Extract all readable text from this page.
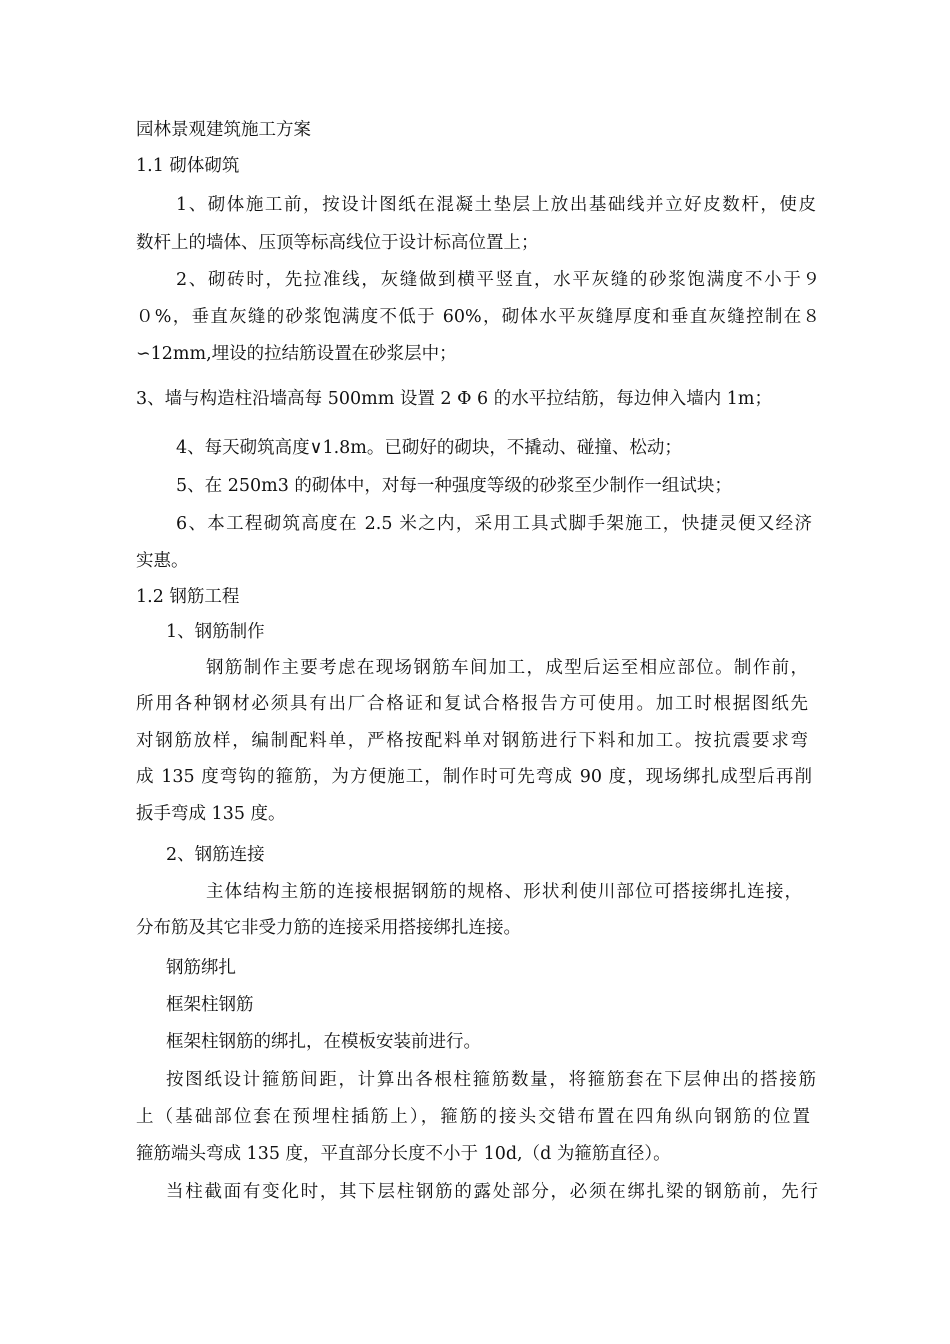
园林景观建筑施工方案

1.1 砌体砌筑

1、砌体施工前，按设计图纸在混凝土垫层上放出基础线并立好皮数杆，使皮

数杆上的墙体、压顶等标高线位于设计标高位置上；

2、砌砖时，先拉准线，灰缝做到横平竖直，水平灰缝的砂浆饱满度不小于９

０%，垂直灰缝的砂浆饱满度不低于 60%，砌体水平灰缝厚度和垂直灰缝控制在８

∽12mm,埋设的拉结筋设置在砂浆层中；

3、墙与构造柱沿墙高每 500mm 设置 2 Φ 6 的水平拉结筋，每边伸入墙内 1m；

4、每天砌筑高度∨1.8m。已砌好的砌块，不撬动、碰撞、松动；

5、在 250m3 的砌体中，对每一种强度等级的砂浆至少制作一组试块；

6、本工程砌筑高度在 2.5 米之内，采用工具式脚手架施工，快捷灵便又经济

实惠。

1.2 钢筋工程

1、钢筋制作

钢筋制作主要考虑在现场钢筋车间加工，成型后运至相应部位。制作前，

所用各种钢材必须具有出厂合格证和复试合格报告方可使用。加工时根据图纸先

对钢筋放样，编制配料单，严格按配料单对钢筋进行下料和加工。按抗震要求弯

成 135 度弯钩的箍筋，为方便施工，制作时可先弯成 90 度，现场绑扎成型后再削

扳手弯成 135 度。

2、钢筋连接

主体结构主筋的连接根据钢筋的规格、形状利使川部位可搭接绑扎连接，

分布筋及其它非受力筋的连接采用搭接绑扎连接。

钢筋绑扎

框架柱钢筋

框架柱钢筋的绑扎，在模板安装前进行。

按图纸设计箍筋间距，计算出各根柱箍筋数量，将箍筋套在下层伸出的搭接筋

上（基础部位套在预埋柱插筋上），箍筋的接头交错布置在四角纵向钢筋的位置

箍筋端头弯成 135 度，平直部分长度不小于 10d,（d 为箍筋直径）。

当柱截面有变化时，其下层柱钢筋的露处部分，必须在绑扎梁的钢筋前，先行
